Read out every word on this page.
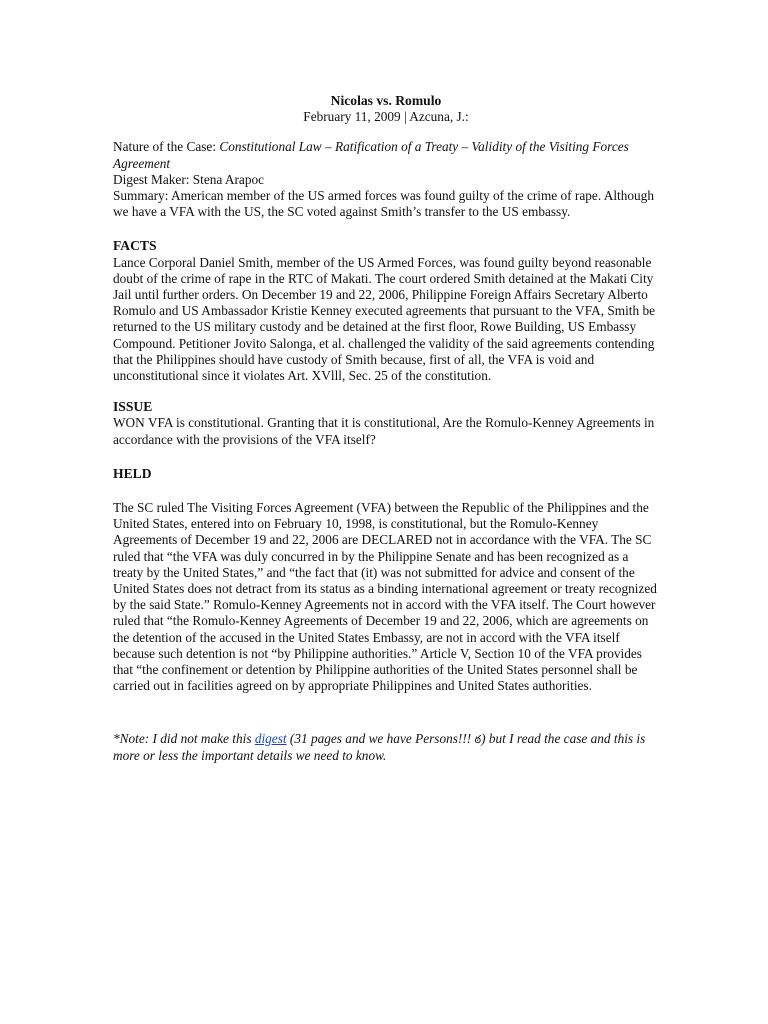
Nicolas vs. Romulo
February 11, 2009 | Azcuna, J.:

Nature of the Case: Constitutional Law – Ratification of a Treaty – Validity of the Visiting Forces Agreement

Digest Maker: Stena Arapoc

Summary: American member of the US armed forces was found guilty of the crime of rape. Although we have a VFA with the US, the SC voted against Smith’s transfer to the US embassy.

FACTS

Lance Corporal Daniel Smith, member of the US Armed Forces, was found guilty beyond reasonable doubt of the crime of rape in the RTC of Makati. The court ordered Smith detained at the Makati City Jail until further orders. On December 19 and 22, 2006, Philippine Foreign Affairs Secretary Alberto Romulo and US Ambassador Kristie Kenney executed agreements that pursuant to the VFA, Smith be returned to the US military custody and be detained at the first floor, Rowe Building, US Embassy Compound. Petitioner Jovito Salonga, et al. challenged the validity of the said agreements contending that the Philippines should have custody of Smith because, first of all, the VFA is void and unconstitutional since it violates Art. XVlll, Sec. 25 of the constitution.

ISSUE

WON VFA is constitutional. Granting that it is constitutional, Are the Romulo-Kenney Agreements in accordance with the provisions of the VFA itself?

HELD

The SC ruled The Visiting Forces Agreement (VFA) between the Republic of the Philippines and the United States, entered into on February 10, 1998, is constitutional, but the Romulo-Kenney Agreements of December 19 and 22, 2006 are DECLARED not in accordance with the VFA. The SC ruled that “the VFA was duly concurred in by the Philippine Senate and has been recognized as a treaty by the United States,” and “the fact that (it) was not submitted for advice and consent of the United States does not detract from its status as a binding international agreement or treaty recognized by the said State.” Romulo-Kenney Agreements not in accord with the VFA itself. The Court however ruled that “the Romulo-Kenney Agreements of December 19 and 22, 2006, which are agreements on the detention of the accused in the United States Embassy, are not in accord with the VFA itself because such detention is not “by Philippine authorities.” Article V, Section 10 of the VFA provides that “the confinement or detention by Philippine authorities of the United States personnel shall be carried out in facilities agreed on by appropriate Philippines and United States authorities.

*Note: I did not make this digest (31 pages and we have Persons!!! ఠ) but I read the case and this is more or less the important details we need to know.
